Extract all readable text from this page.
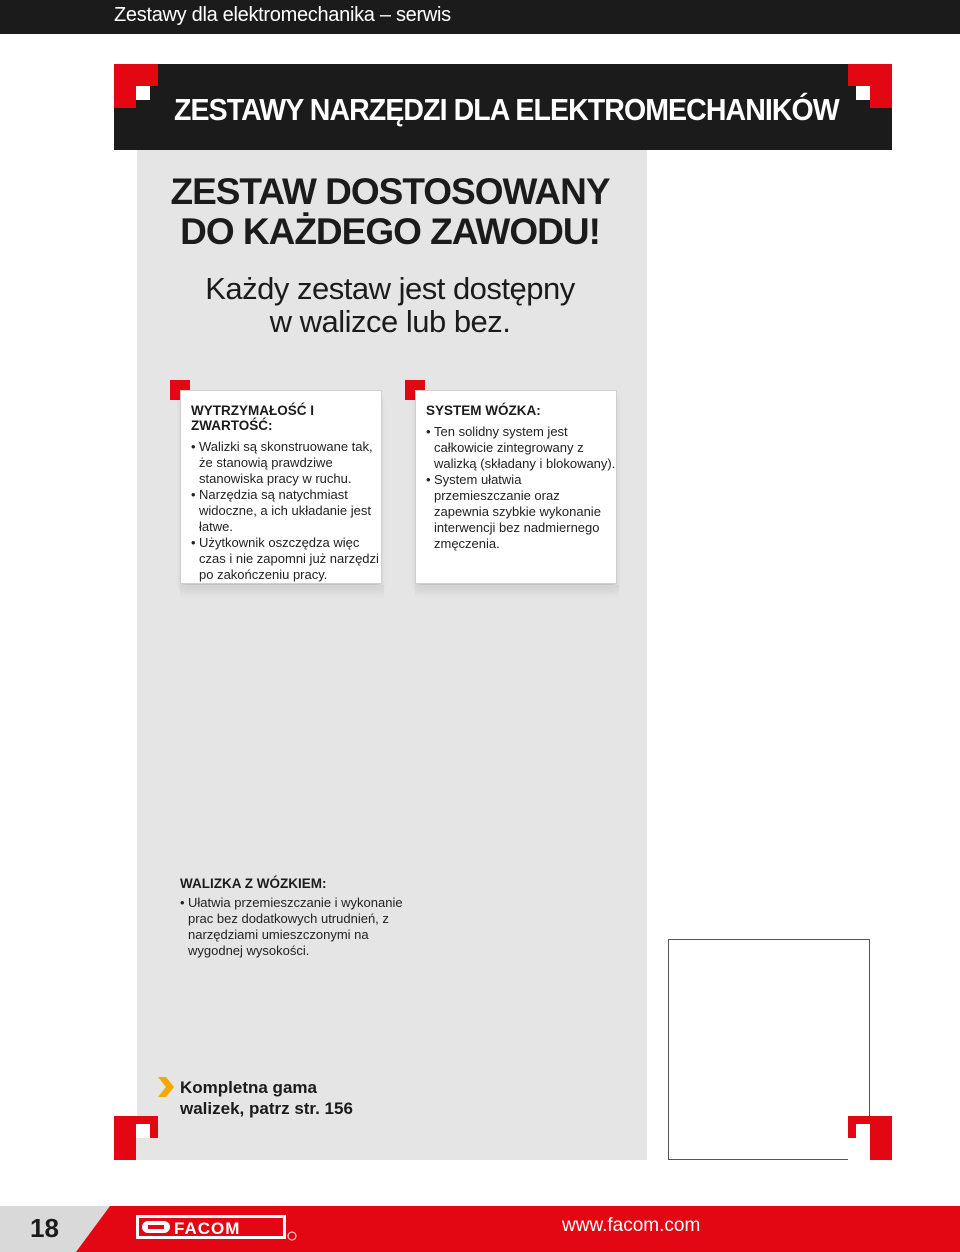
Zestawy dla elektromechanika – serwis
ZESTAWY NARZĘDZI DLA ELEKTROMECHANIKÓW
ZESTAW DOSTOSOWANY
DO KAŻDEGO ZAWODU!
Każdy zestaw jest dostępny
w walizce lub bez.
WYTRZYMAŁOŚĆ I ZWARTOŚĆ:
• Walizki są skonstruowane tak, że stanowią prawdziwe stanowiska pracy w ruchu.
• Narzędzia są natychmiast widoczne, a ich układanie jest łatwe.
• Użytkownik oszczędza więc czas i nie zapomni już narzędzi po zakończeniu pracy.
SYSTEM WÓZKA:
• Ten solidny system jest całkowicie zintegrowany z walizką (składany i blokowany).
• System ułatwia przemieszczanie oraz zapewnia szybkie wykonanie interwencji bez nadmiernego zmęczenia.
WALIZKA Z WÓZKIEM:
• Ułatwia przemieszczanie i wykonanie prac bez dodatkowych utrudnień, z narzędziami umieszczonymi na wygodnej wysokości.
Kompletna gama
walizek, patrz str. 156
18	FACOM	www.facom.com
